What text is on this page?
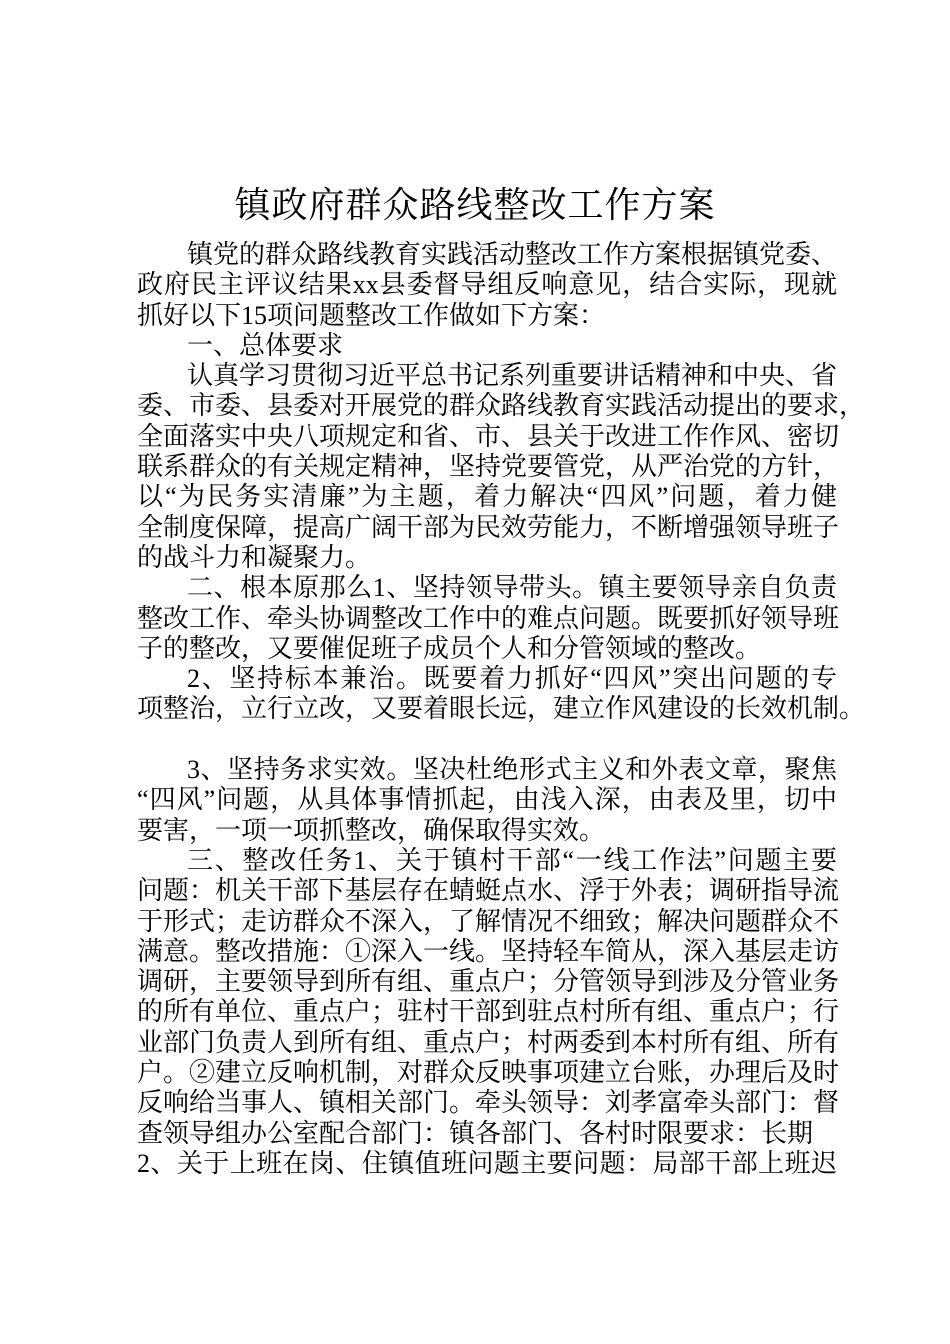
镇政府群众路线整改工作方案
镇党的群众路线教育实践活动整改工作方案根据镇党委、
政府民主评议结果xx县委督导组反响意见，结合实际，现就
抓好以下15项问题整改工作做如下方案：
一、总体要求
认真学习贯彻习近平总书记系列重要讲话精神和中央、省
委、市委、县委对开展党的群众路线教育实践活动提出的要求，
全面落实中央八项规定和省、市、县关于改进工作作风、密切
联系群众的有关规定精神，坚持党要管党，从严治党的方针，
以“为民务实清廉”为主题，着力解决“四风”问题，着力健
全制度保障，提高广阔干部为民效劳能力，不断增强领导班子
的战斗力和凝聚力。
二、根本原那么1、坚持领导带头。镇主要领导亲自负责
整改工作、牵头协调整改工作中的难点问题。既要抓好领导班
子的整改，又要催促班子成员个人和分管领域的整改。
2、坚持标本兼治。既要着力抓好“四风”突出问题的专
项整治，立行立改，又要着眼长远，建立作风建设的长效机制。
3、坚持务求实效。坚决杜绝形式主义和外表文章，聚焦
“四风”问题，从具体事情抓起，由浅入深，由表及里，切中
要害，一项一项抓整改，确保取得实效。
三、整改任务1、关于镇村干部“一线工作法”问题主要
问题：机关干部下基层存在蜻蜓点水、浮于外表；调研指导流
于形式；走访群众不深入，了解情况不细致；解决问题群众不
满意。整改措施：①深入一线。坚持轻车简从，深入基层走访
调研，主要领导到所有组、重点户；分管领导到涉及分管业务
的所有单位、重点户；驻村干部到驻点村所有组、重点户；行
业部门负责人到所有组、重点户；村两委到本村所有组、所有
户。②建立反响机制，对群众反映事项建立台账，办理后及时
反响给当事人、镇相关部门。牵头领导：刘孝富牵头部门：督
查领导组办公室配合部门：镇各部门、各村时限要求：长期
2、关于上班在岗、住镇值班问题主要问题：局部干部上班迟
